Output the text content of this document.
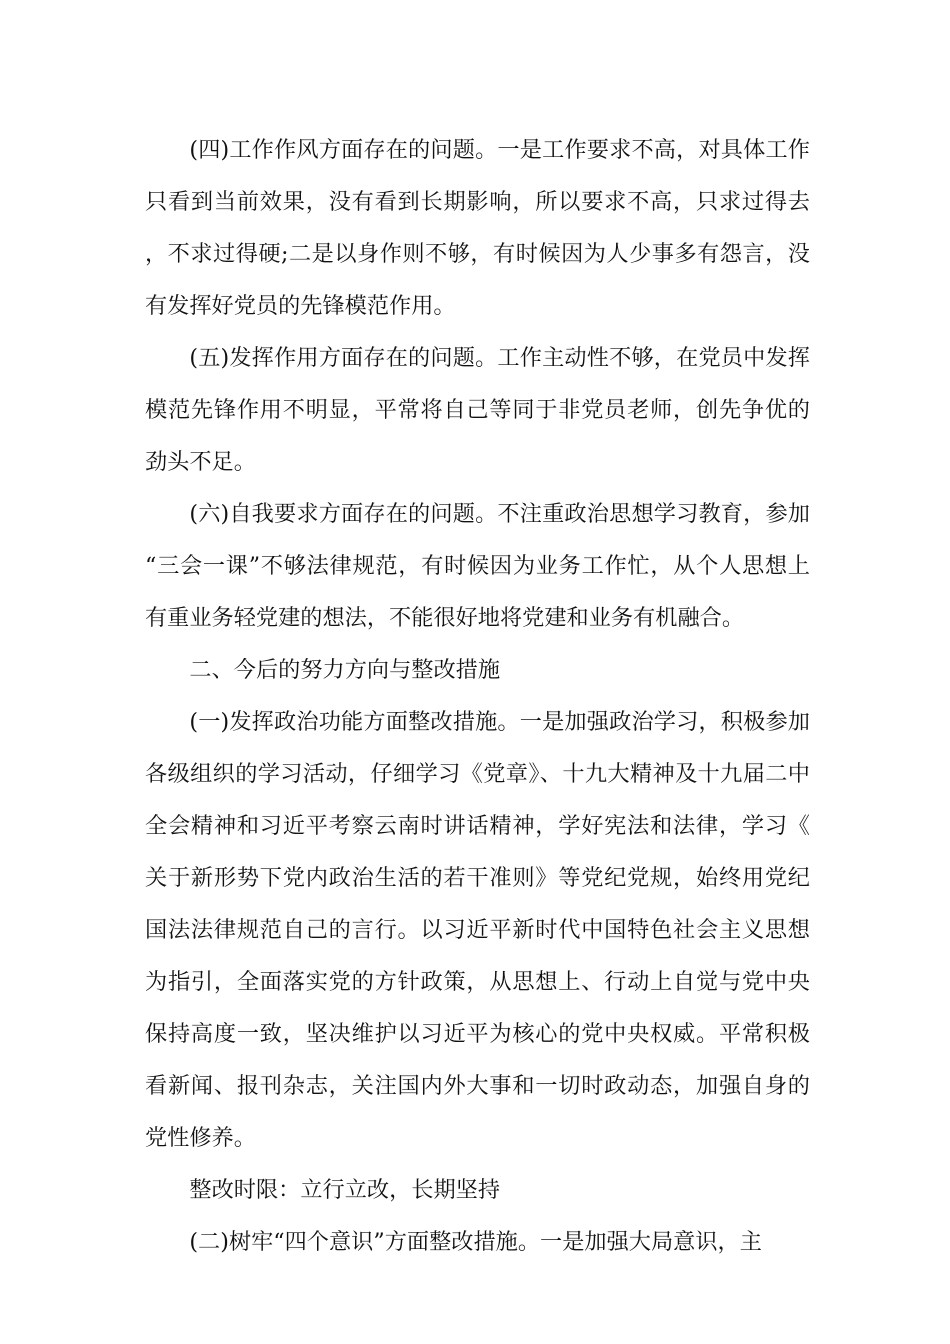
(四)工作作风方面存在的问题。一是工作要求不高，对具体工作只看到当前效果，没有看到长期影响，所以要求不高，只求过得去，不求过得硬;二是以身作则不够，有时候因为人少事多有怨言，没有发挥好党员的先锋模范作用。

(五)发挥作用方面存在的问题。工作主动性不够，在党员中发挥模范先锋作用不明显，平常将自己等同于非党员老师，创先争优的劲头不足。

(六)自我要求方面存在的问题。不注重政治思想学习教育，参加“三会一课”不够法律规范，有时候因为业务工作忙，从个人思想上有重业务轻党建的想法，不能很好地将党建和业务有机融合。

二、今后的努力方向与整改措施

(一)发挥政治功能方面整改措施。一是加强政治学习，积极参加各级组织的学习活动，仔细学习《党章》、十九大精神及十九届二中全会精神和习近平考察云南时讲话精神，学好宪法和法律，学习《关于新形势下党内政治生活的若干准则》等党纪党规，始终用党纪国法法律规范自己的言行。以习近平新时代中国特色社会主义思想为指引，全面落实党的方针政策，从思想上、行动上自觉与党中央保持高度一致，坚决维护以习近平为核心的党中央权威。平常积极看新闻、报刊杂志，关注国内外大事和一切时政动态，加强自身的党性修养。

整改时限：立行立改，长期坚持

(二)树牢“四个意识”方面整改措施。一是加强大局意识，主
